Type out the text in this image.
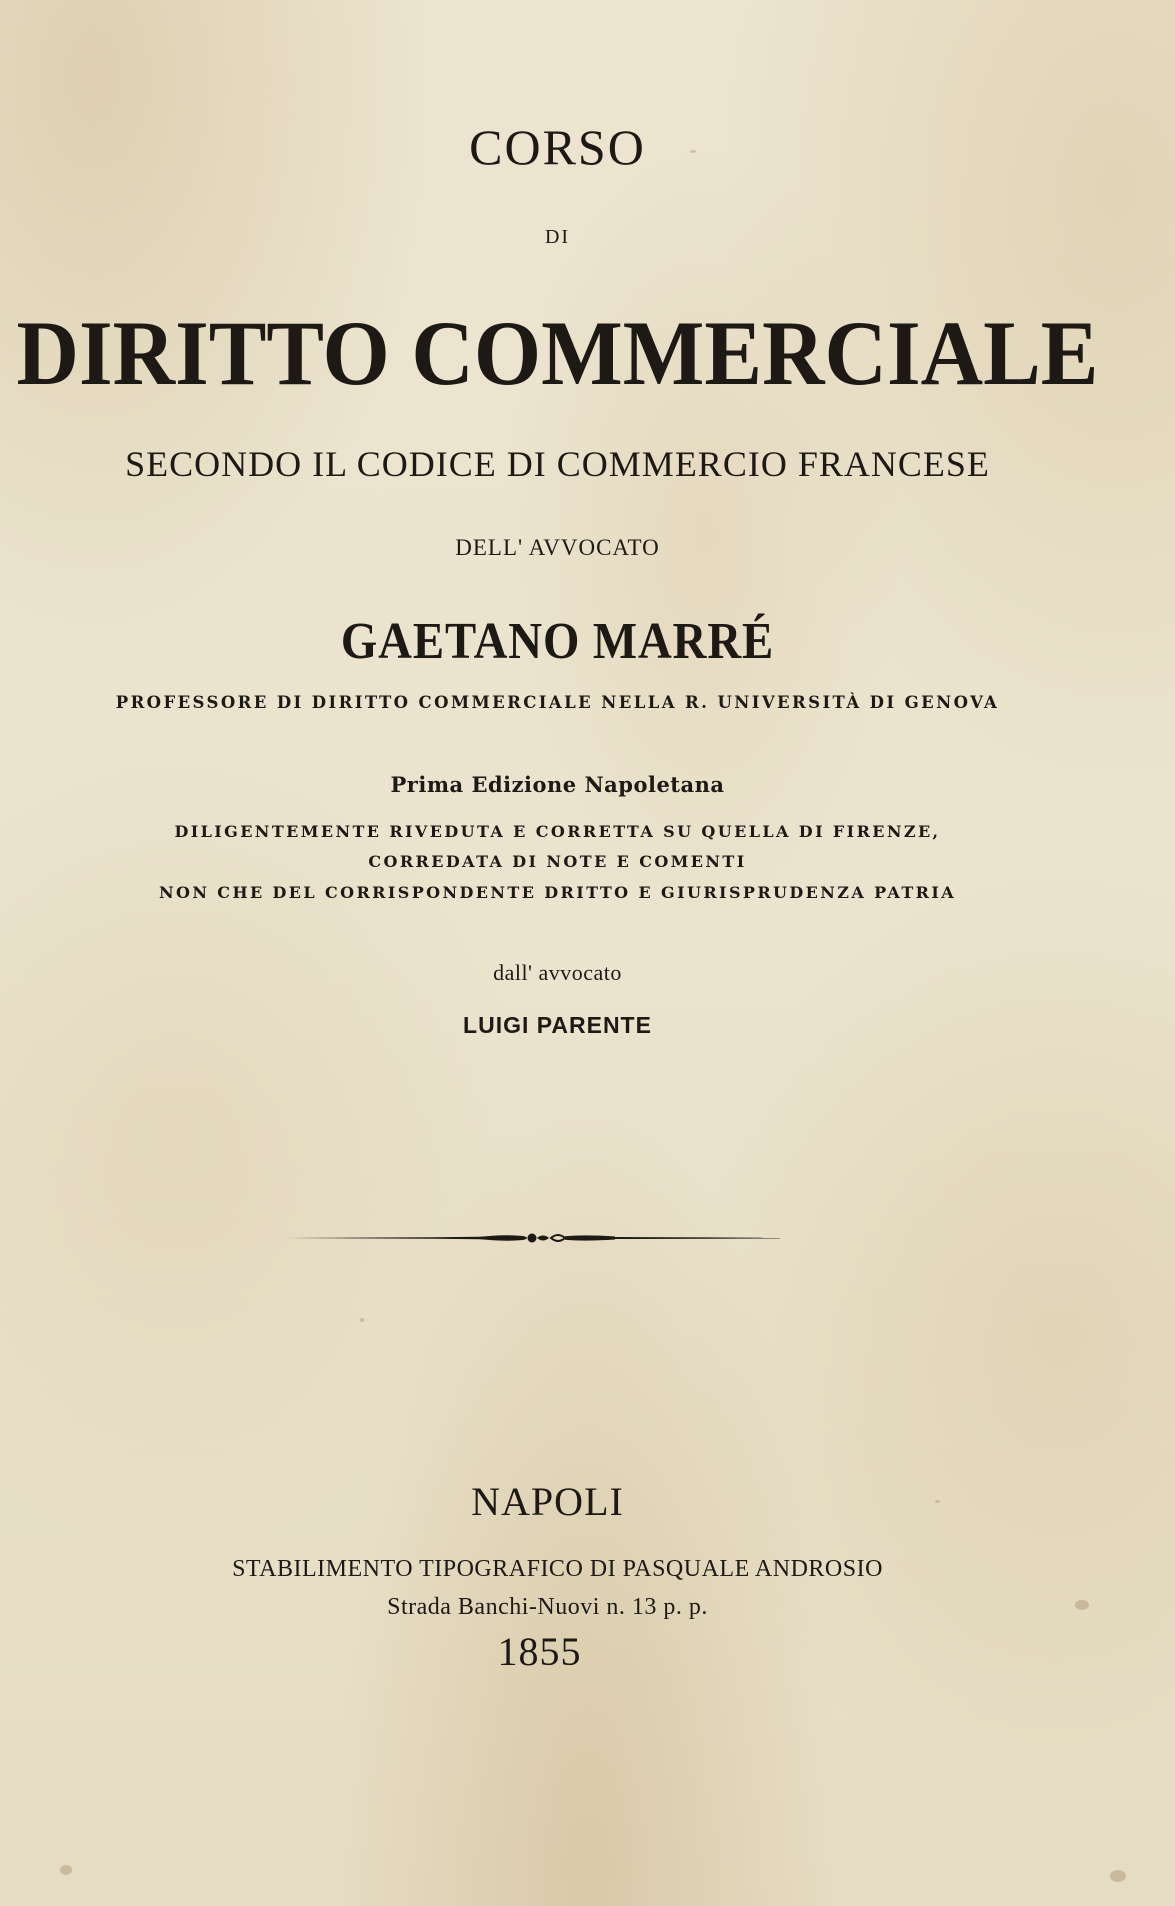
CORSO
DI
DIRITTO COMMERCIALE
SECONDO IL CODICE DI COMMERCIO FRANCESE
DELL' AVVOCATO
GAETANO MARRÉ
PROFESSORE DI DIRITTO COMMERCIALE NELLA R. UNIVERSITÀ DI GENOVA
Prima Edizione Napoletana
DILIGENTEMENTE RIVEDUTA E CORRETTA SU QUELLA DI FIRENZE,
CORREDATA DI NOTE E COMENTI
NON CHE DEL CORRISPONDENTE DRITTO E GIURISPRUDENZA PATRIA
dall' avvocato
LUIGI PARENTE
NAPOLI
STABILIMENTO TIPOGRAFICO DI PASQUALE ANDROSIO
Strada Banchi-Nuovi n. 13 p. p.
1855
